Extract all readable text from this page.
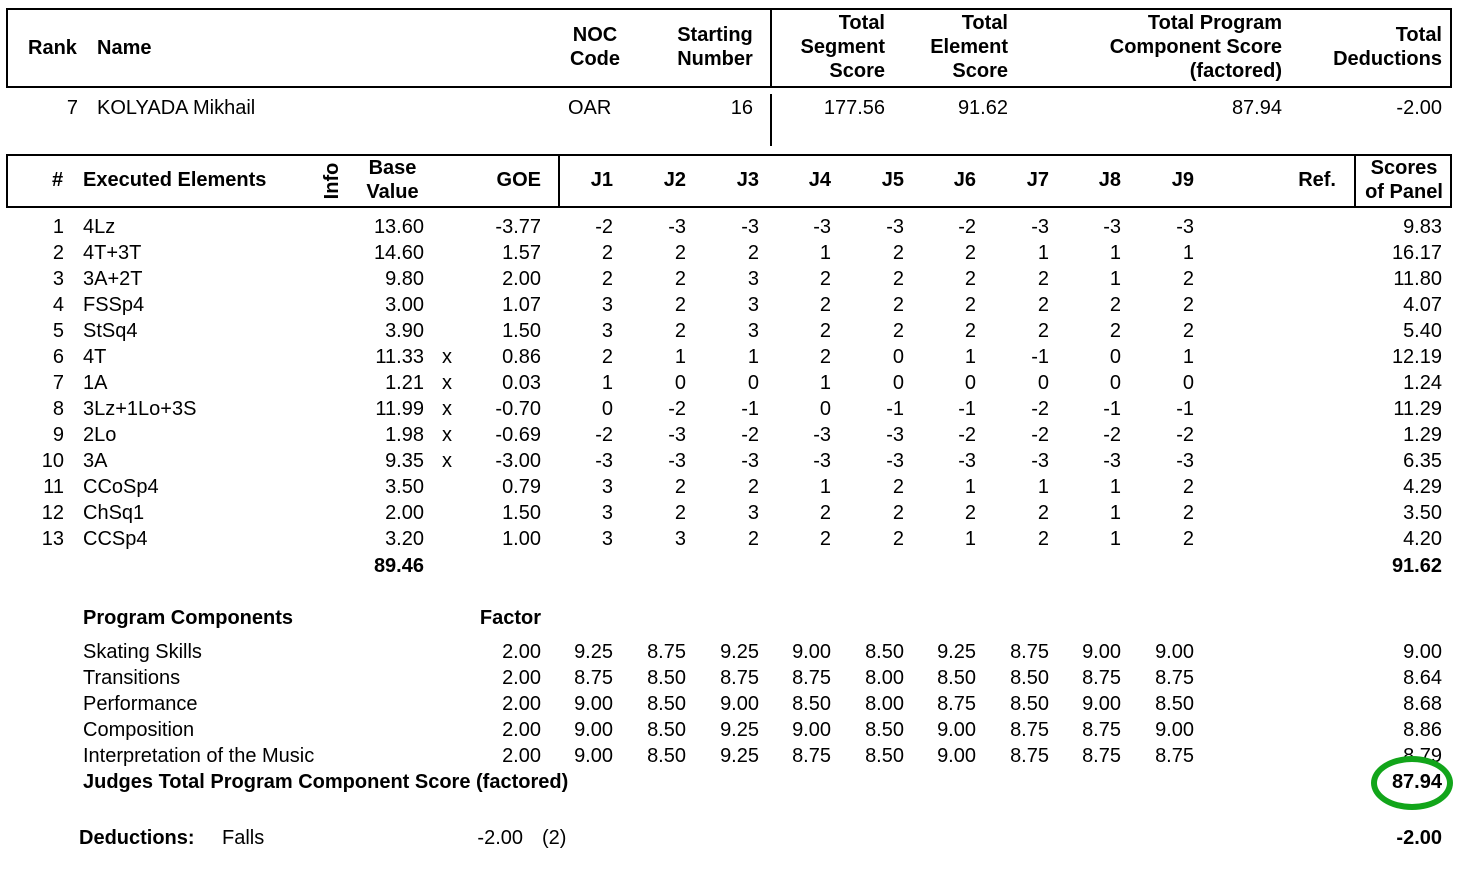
Rank Name
NOC
Code
Starting
Number
Total
Segment
Score
Total
Element
Score
Total Program
Component Score
(factored)
Total
Deductions
7 KOLYADA Mikhail	OAR	16	177.56	91.62	87.94	-2.00
# Executed Elements	Info	Base
Value
GOE	J1	J2	J3	J4	J5	J6	J7	J8	J9	Ref.
Scores
of Panel
1 4Lz	13.60	-3.77	-2	-3	-3	-3	-3	-2	-3	-3	-3	9.83
2 4T+3T	14.60	1.57	2	2	2	1	2	2	1	1	1	16.17
3 3A+2T	9.80	2.00	2	2	3	2	2	2	2	1	2	11.80
4 FSSp4	3.00	1.07	3	2	3	2	2	2	2	2	2	4.07
5 StSq4	3.90	1.50	3	2	3	2	2	2	2	2	2	5.40
6 4T	11.33 x	0.86	2	1	1	2	0	1	-1	0	1	12.19
7 1A	1.21 x	0.03	1	0	0	1	0	0	0	0	0	1.24
8 3Lz+1Lo+3S	11.99 x	-0.70	0	-2	-1	0	-1	-1	-2	-1	-1	11.29
9 2Lo	1.98 x	-0.69	-2	-3	-2	-3	-3	-2	-2	-2	-2	1.29
10 3A	9.35 x	-3.00	-3	-3	-3	-3	-3	-3	-3	-3	-3	6.35
11 CCoSp4	3.50	0.79	3	2	2	1	2	1	1	1	2	4.29
12 ChSq1	2.00	1.50	3	2	3	2	2	2	2	1	2	3.50
13 CCSp4	3.20	1.00	3	3	2	2	2	1	2	1	2	4.20
89.46	91.62
Program Components	Factor
Skating Skills	2.00	9.25	8.75	9.25	9.00	8.50	9.25	8.75	9.00	9.00	9.00
Transitions	2.00	8.75	8.50	8.75	8.75	8.00	8.50	8.50	8.75	8.75	8.64
Performance	2.00	9.00	8.50	9.00	8.50	8.00	8.75	8.50	9.00	8.50	8.68
Composition	2.00	9.00	8.50	9.25	9.00	8.50	9.00	8.75	8.75	9.00	8.86
Interpretation of the Music	2.00	9.00	8.50	9.25	8.75	8.50	9.00	8.75	8.75	8.75	8.79
Judges Total Program Component Score (factored)	87.94
Deductions: Falls	-2.00 (2)	-2.00
